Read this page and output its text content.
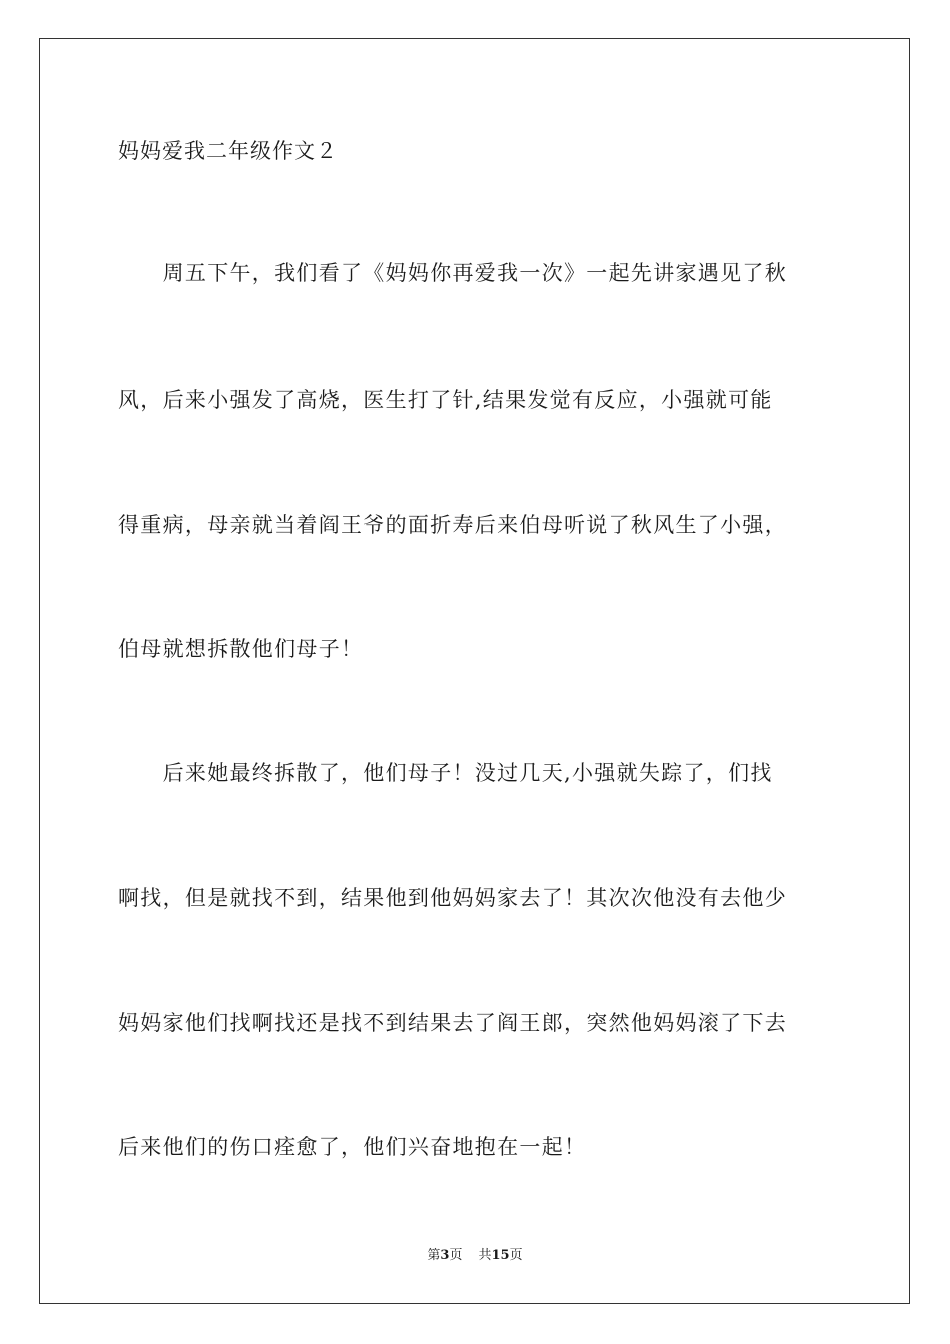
妈妈爱我二年级作文２
　　周五下午，我们看了《妈妈你再爱我一次》一起先讲家遇见了秋
风，后来小强发了高烧，医生打了针,结果发觉有反应，小强就可能
得重病，母亲就当着阎王爷的面折寿后来伯母听说了秋风生了小强，
伯母就想拆散他们母子！
　　后来她最终拆散了，他们母子！没过几天,小强就失踪了，们找
啊找，但是就找不到，结果他到他妈妈家去了！其次次他没有去他少
妈妈家他们找啊找还是找不到结果去了阎王郎，突然他妈妈滚了下去
后来他们的伤口痊愈了，他们兴奋地抱在一起！
第3页 共15页
